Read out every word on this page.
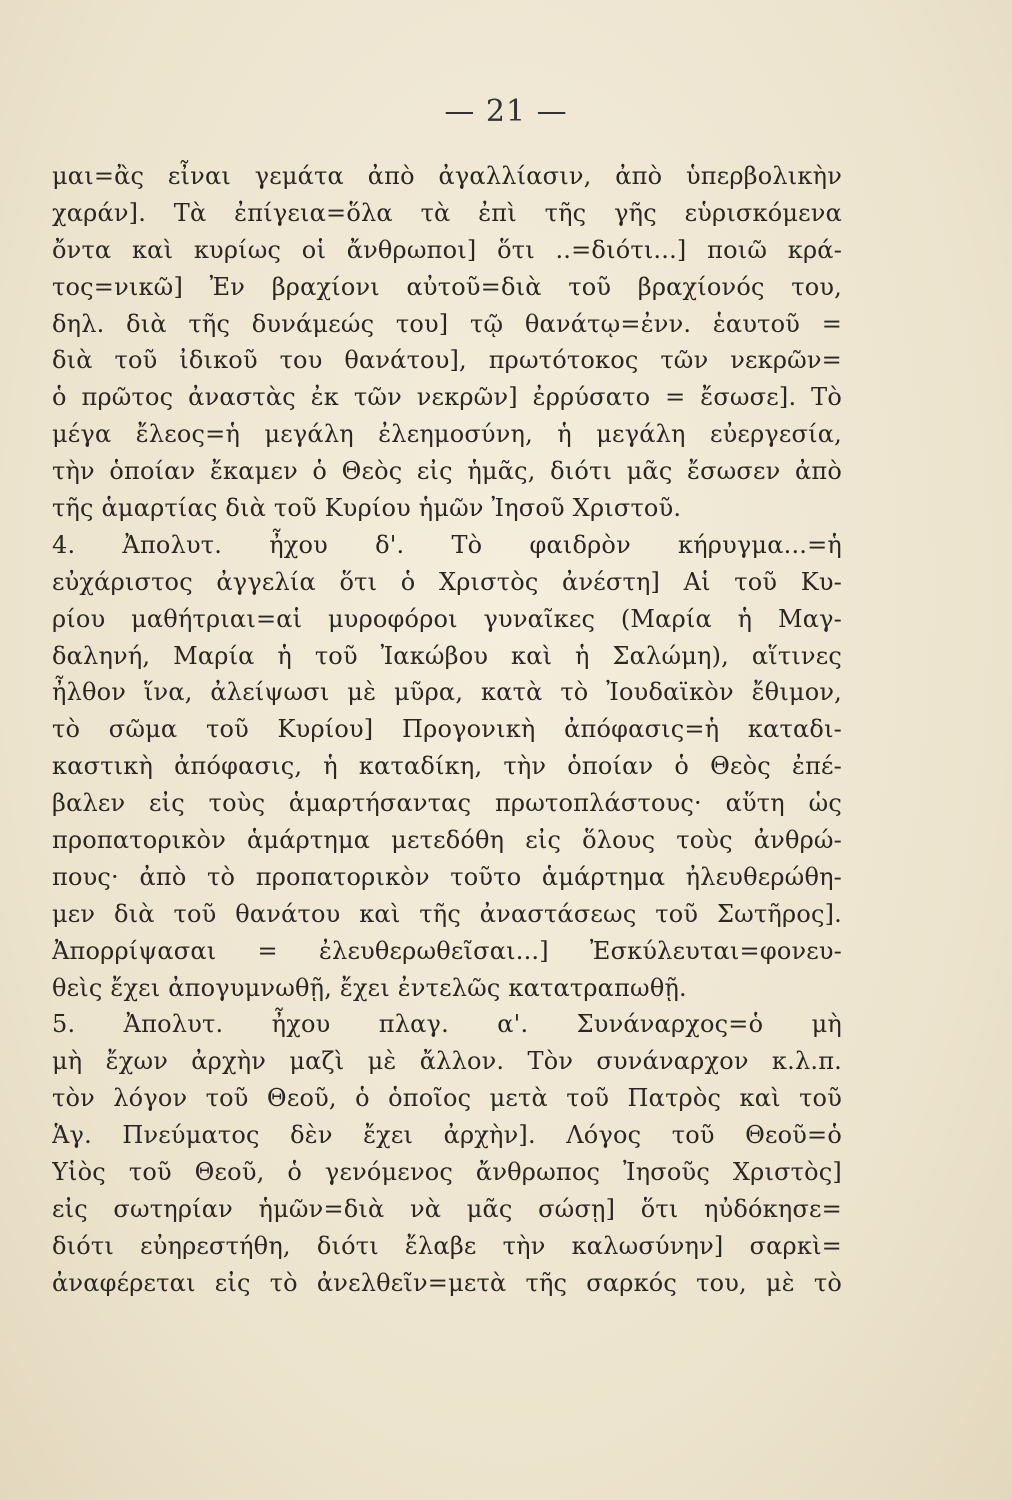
— 21 —
μαι=ἂς εἶναι γεμάτα ἀπὸ ἀγαλλίασιν, ἀπὸ ὑπερβολικὴν
χαράν]. Τὰ ἐπίγεια=ὅλα τὰ ἐπὶ τῆς γῆς εὑρισκόμενα
ὄντα καὶ κυρίως οἱ ἄνθρωποι] ὅτι ..=διότι...] ποιῶ κρά-
τος=νικῶ] Ἐν βραχίονι αὐτοῦ=διὰ τοῦ βραχίονός του,
δηλ. διὰ τῆς δυνάμεώς του] τῷ θανάτῳ=ἐνν. ἑαυτοῦ =
διὰ τοῦ ἰδικοῦ του θανάτου], πρωτότοκος τῶν νεκρῶν=
ὁ πρῶτος ἀναστὰς ἐκ τῶν νεκρῶν] ἐρρύσατο = ἔσωσε]. Τὸ
μέγα ἔλεος=ἡ μεγάλη ἐλεημοσύνη, ἡ μεγάλη εὐεργεσία,
τὴν ὁποίαν ἔκαμεν ὁ Θεὸς εἰς ἡμᾶς, διότι μᾶς ἔσωσεν ἀπὸ
τῆς ἁμαρτίας διὰ τοῦ Κυρίου ἡμῶν Ἰησοῦ Χριστοῦ.
4. Ἀπολυτ. ἦχου δ'. Τὸ φαιδρὸν κήρυγμα...=ἡ
εὐχάριστος ἀγγελία ὅτι ὁ Χριστὸς ἀνέστη] Αἱ τοῦ Κυ-
ρίου μαθήτριαι=αἱ μυροφόροι γυναῖκες (Μαρία ἡ Μαγ-
δαληνή, Μαρία ἡ τοῦ Ἰακώβου καὶ ἡ Σαλώμη), αἵτινες
ἦλθον ἵνα, ἀλείψωσι μὲ μῦρα, κατὰ τὸ Ἰουδαϊκὸν ἔθιμον,
τὸ σῶμα τοῦ Κυρίου] Προγονικὴ ἀπόφασις=ἡ καταδι-
καστικὴ ἀπόφασις, ἡ καταδίκη, τὴν ὁποίαν ὁ Θεὸς ἐπέ-
βαλεν εἰς τοὺς ἁμαρτήσαντας πρωτοπλάστους· αὕτη ὡς
προπατορικὸν ἁμάρτημα μετεδόθη εἰς ὅλους τοὺς ἀνθρώ-
πους· ἀπὸ τὸ προπατορικὸν τοῦτο ἁμάρτημα ἠλευθερώθη-
μεν διὰ τοῦ θανάτου καὶ τῆς ἀναστάσεως τοῦ Σωτῆρος].
Ἀπορρίψασαι = ἐλευθερωθεῖσαι...] Ἐσκύλευται=φονευ-
θεὶς ἔχει ἀπογυμνωθῇ, ἔχει ἐντελῶς κατατραπωθῇ.
5. Ἀπολυτ. ἦχου πλαγ. α'. Συνάναρχος=ὁ μὴ
μὴ ἔχων ἀρχὴν μαζὶ μὲ ἄλλον. Τὸν συνάναρχον κ.λ.π.
τὸν λόγον τοῦ Θεοῦ, ὁ ὁποῖος μετὰ τοῦ Πατρὸς καὶ τοῦ
Ἁγ. Πνεύματος δὲν ἔχει ἀρχὴν]. Λόγος τοῦ Θεοῦ=ὁ
Υἱὸς τοῦ Θεοῦ, ὁ γενόμενος ἄνθρωπος Ἰησοῦς Χριστὸς]
εἰς σωτηρίαν ἡμῶν=διὰ νὰ μᾶς σώσῃ] ὅτι ηὐδόκησε=
διότι εὐηρεστήθη, διότι ἔλαβε τὴν καλωσύνην] σαρκὶ=
ἀναφέρεται εἰς τὸ ἀνελθεῖν=μετὰ τῆς σαρκός του, μὲ τὸ
